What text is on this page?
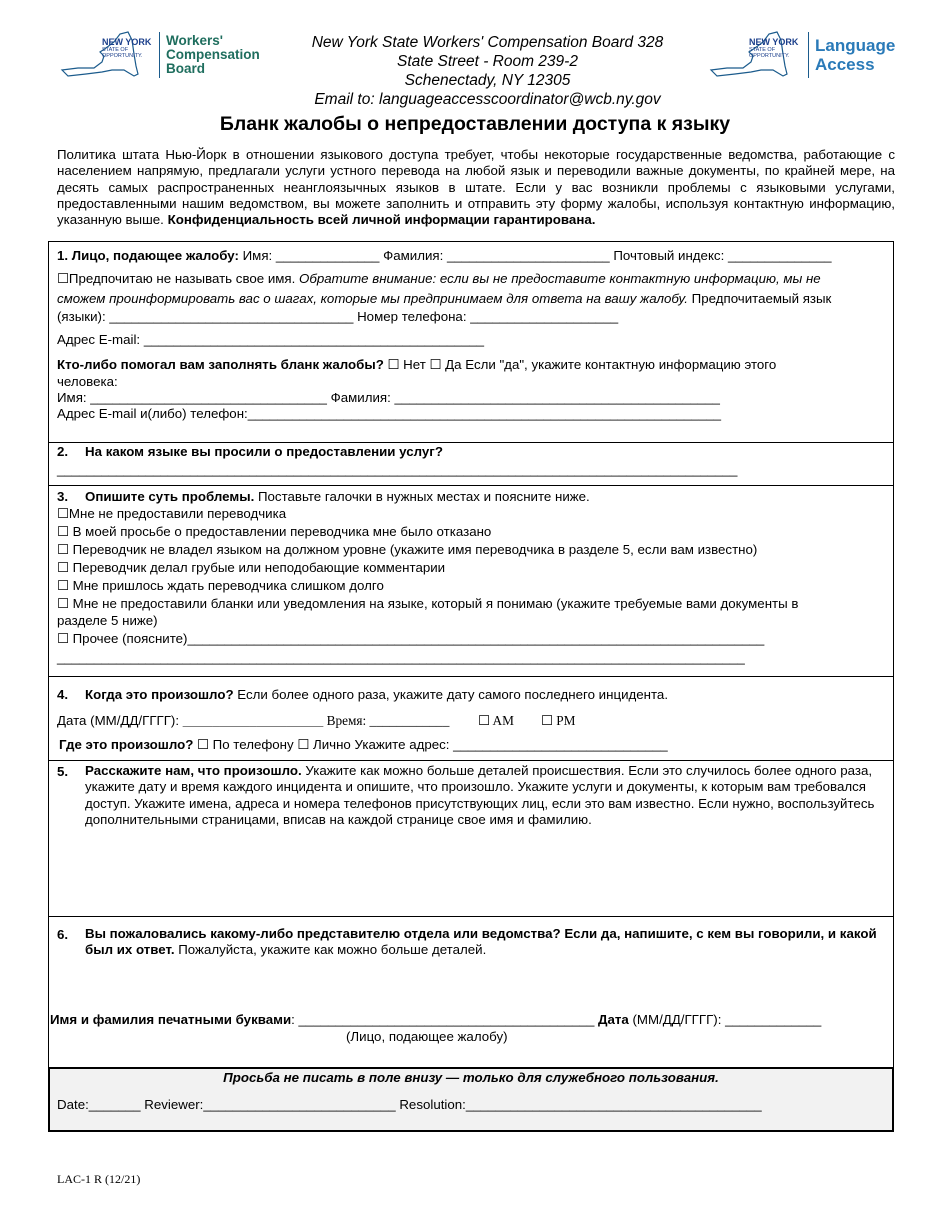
NEW YORK
STATE OF
OPPORTUNITY.
Workers'
Compensation
Board
New York State Workers' Compensation Board 328
State Street - Room 239-2
Schenectady, NY 12305
Email to: languageaccesscoordinator@wcb.ny.gov
NEW YORK
STATE OF
OPPORTUNITY.
Language
Access
Бланк жалобы о непредоставлении доступа к языку
Политика штата Нью-Йорк в отношении языкового доступа требует, чтобы некоторые государственные ведомства, работающие с населением напрямую, предлагали услуги устного перевода на любой язык и переводили важные документы, по крайней мере, на десять самых распространенных неанглоязычных языков в штате. Если у вас возникли проблемы с языковыми услугами, предоставленными нашим ведомством, вы можете заполнить и отправить эту форму жалобы, используя контактную информацию, указанную выше. Конфиденциальность всей личной информации гарантирована.
1. Лицо, подающее жалобу: Имя: ______________ Фамилия: ______________________ Почтовый индекс: ______________
☐Предпочитаю не называть свое имя. Обратите внимание: если вы не предоставите контактную информацию, мы не
сможем проинформировать вас о шагах, которые мы предпринимаем для ответа на вашу жалобу. Предпочитаемый язык
(языки): _________________________________ Номер телефона: ____________________
Адрес E-mail: ______________________________________________
Кто-либо помогал вам заполнять бланк жалобы? ☐ Нет ☐ Да Если "да", укажите контактную информацию этого
человека:
Имя: ________________________________ Фамилия: ____________________________________________
Адрес E-mail и(либо) телефон:________________________________________________________________
2. На каком языке вы просили о предоставлении услуг?
____________________________________________________________________________________________
3. Опишите суть проблемы. Поставьте галочки в нужных местах и поясните ниже.
☐Мне не предоставили переводчика
☐ В моей просьбе о предоставлении переводчика мне было отказано
☐ Переводчик не владел языком на должном уровне (укажите имя переводчика в разделе 5, если вам известно)
☐ Переводчик делал грубые или неподобающие комментарии
☐ Мне пришлось ждать переводчика слишком долго
☐ Мне не предоставили бланки или уведомления на языке, который я понимаю (укажите требуемые вами документы в
разделе 5 ниже)
☐ Прочее (поясните)______________________________________________________________________________
_____________________________________________________________________________________________
4. Когда это произошло? Если более одного раза, укажите дату самого последнего инцидента.
Дата (ММ/ДД/ГГГГ): ___________________ Время: ____________ ☐ AM ☐ PM
Где это произошло? ☐ По телефону ☐ Лично Укажите адрес: _____________________________
5. Расскажите нам, что произошло. Укажите как можно больше деталей происшествия. Если это случилось более одного раза, укажите дату и время каждого инцидента и опишите, что произошло. Укажите услуги и документы, к которым вам требовался доступ. Укажите имена, адреса и номера телефонов присутствующих лиц, если это вам известно. Если нужно, воспользуйтесь дополнительными страницами, вписав на каждой странице свое имя и фамилию.
6. Вы пожаловались какому-либо представителю отдела или ведомства? Если да, напишите, с кем вы говорили, и какой был их ответ. Пожалуйста, укажите как можно больше деталей.
Имя и фамилия печатными буквами: ________________________________________ Дата (ММ/ДД/ГГГГ): _____________
(Лицо, подающее жалобу)
Просьба не писать в поле внизу — только для служебного пользования.
Date:_______ Reviewer:__________________________ Resolution:________________________________________
LAC-1 R (12/21)
